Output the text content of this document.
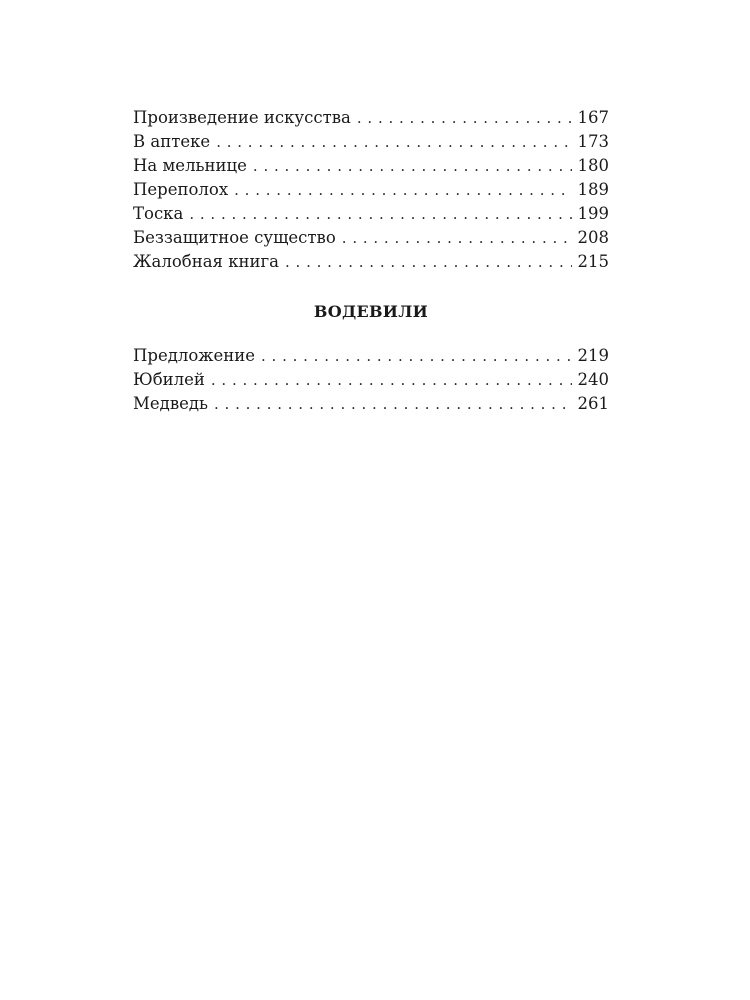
Произведение искусства . . .	167
В аптеке . . .	173
На мельнице . . .	180
Переполох . . .	189
Тоска . . .	199
Беззащитное существо . . .	208
Жалобная книга . . .	215
ВОДЕВИЛИ
Предложение . . .	219
Юбилей . . .	240
Медведь . . .	261
